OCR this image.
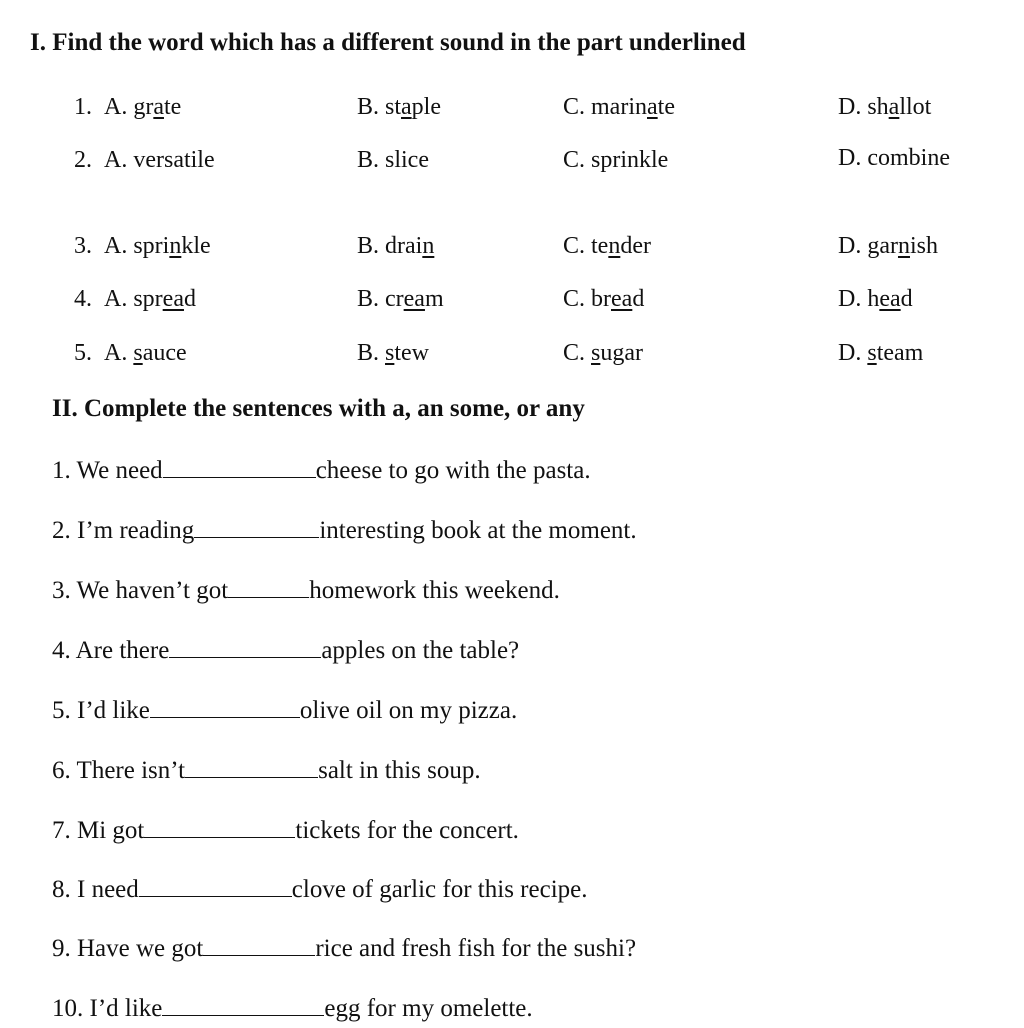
I. Find the word which has a different sound in the part underlined
1. A. grate	B. staple	C. marinate	D. shallot
2. A. versatile	B. slice	C. sprinkle	D. combine
3. A. sprinkle	B. drain	C. tender	D. garnish
4. A. spread	B. cream	C. bread	D. head
5. A. sauce	B. stew	C. sugar	D. steam
II. Complete the sentences with a, an some, or any
1. We need	cheese to go with the pasta.
2. I’m reading	interesting book at the moment.
3. We haven’t got	homework this weekend.
4. Are there	apples on the table?
5. I’d like	olive oil on my pizza.
6. There isn’t	salt in this soup.
7. Mi got	tickets for the concert.
8. I need	clove of garlic for this recipe.
9. Have we got	rice and fresh fish for the sushi?
10. I’d like	egg for my omelette.
